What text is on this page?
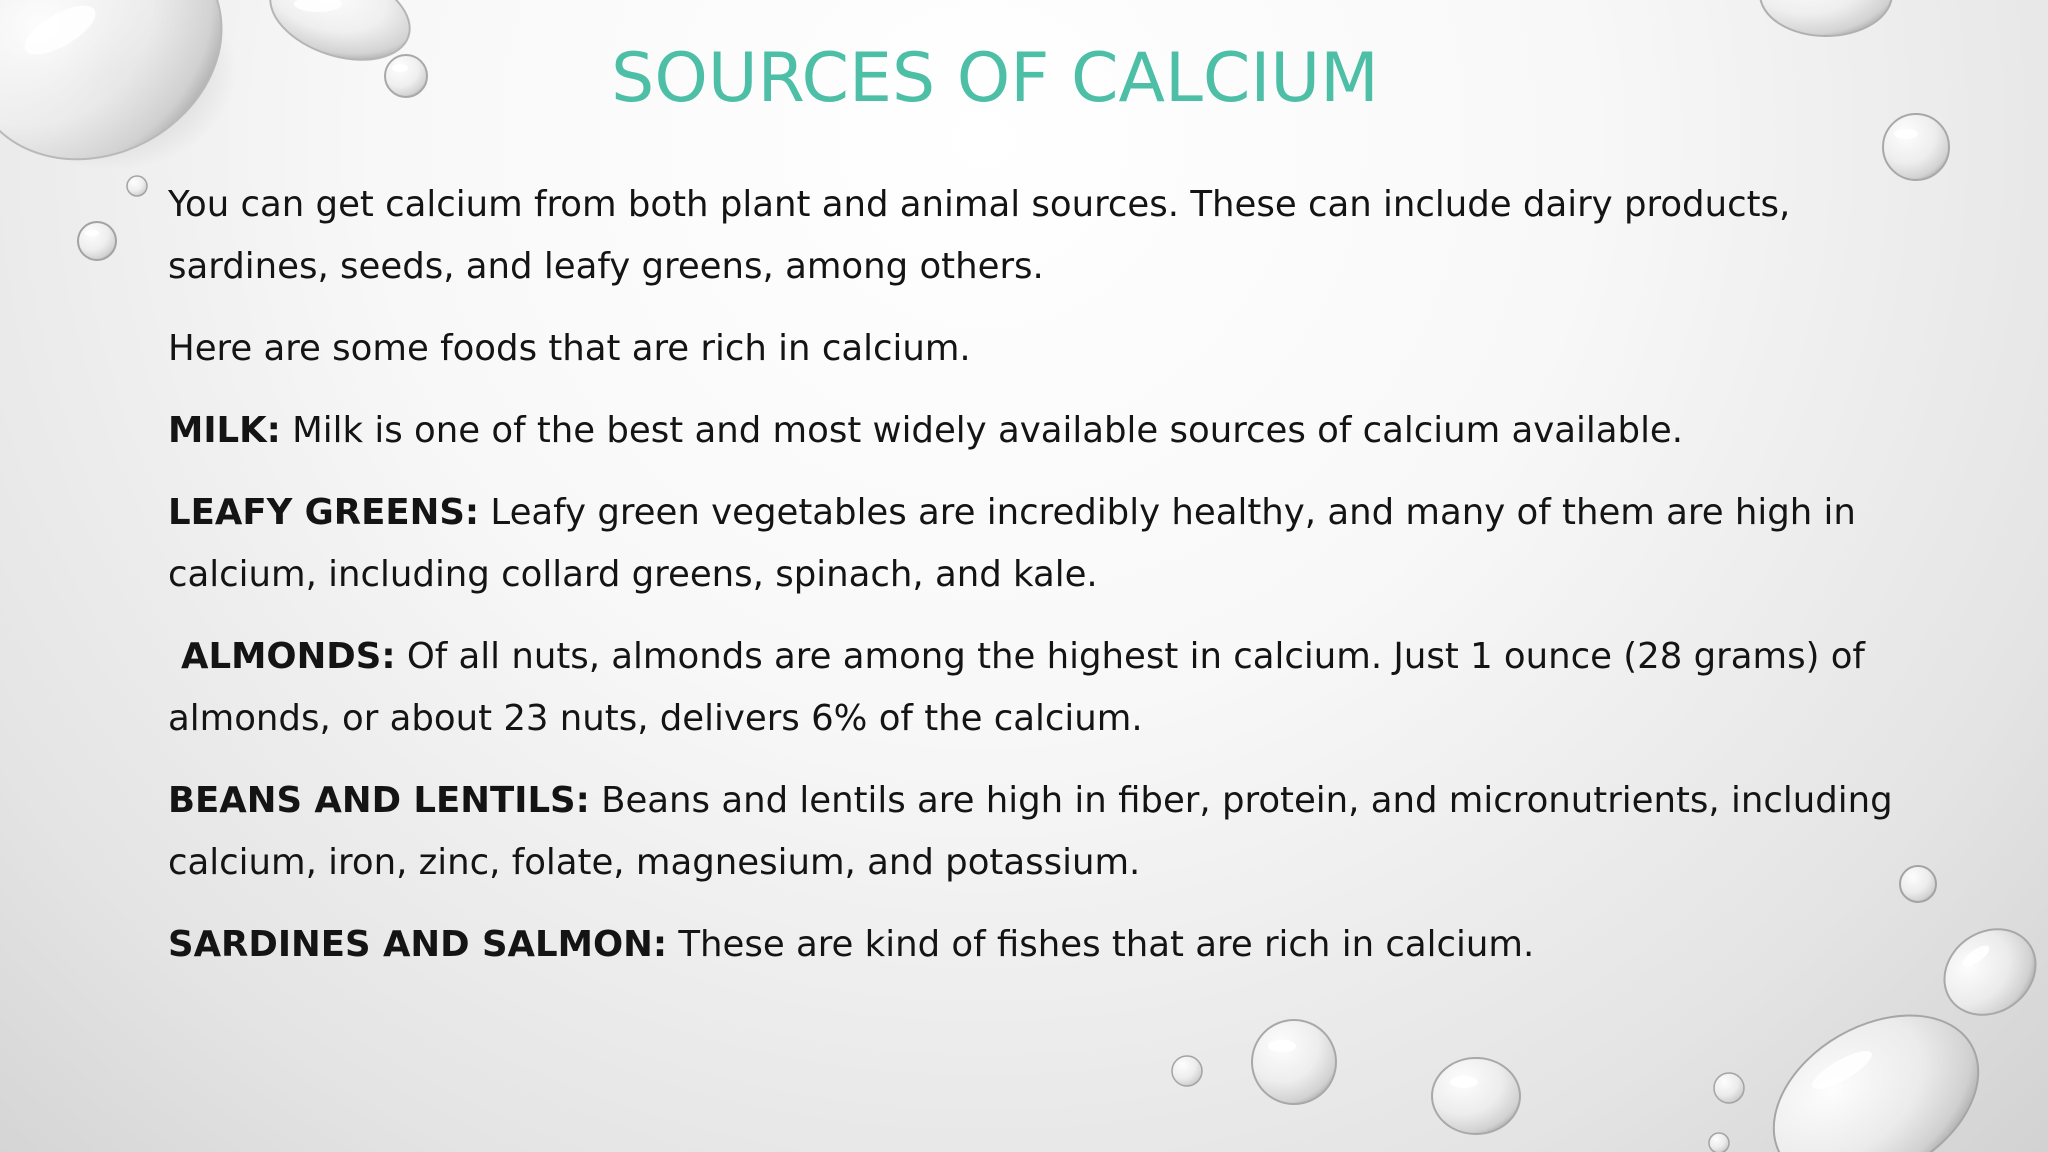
SOURCES OF CALCIUM

You can get calcium from both plant and animal sources. These can include dairy products, sardines, seeds, and leafy greens, among others.

Here are some foods that are rich in calcium.

MILK: Milk is one of the best and most widely available sources of calcium available.

LEAFY GREENS: Leafy green vegetables are incredibly healthy, and many of them are high in calcium, including collard greens, spinach, and kale.

ALMONDS: Of all nuts, almonds are among the highest in calcium. Just 1 ounce (28 grams) of almonds, or about 23 nuts, delivers 6% of the calcium.

BEANS AND LENTILS: Beans and lentils are high in fiber, protein, and micronutrients, including calcium, iron, zinc, folate, magnesium, and potassium.

SARDINES AND SALMON: These are kind of fishes that are rich in calcium.
